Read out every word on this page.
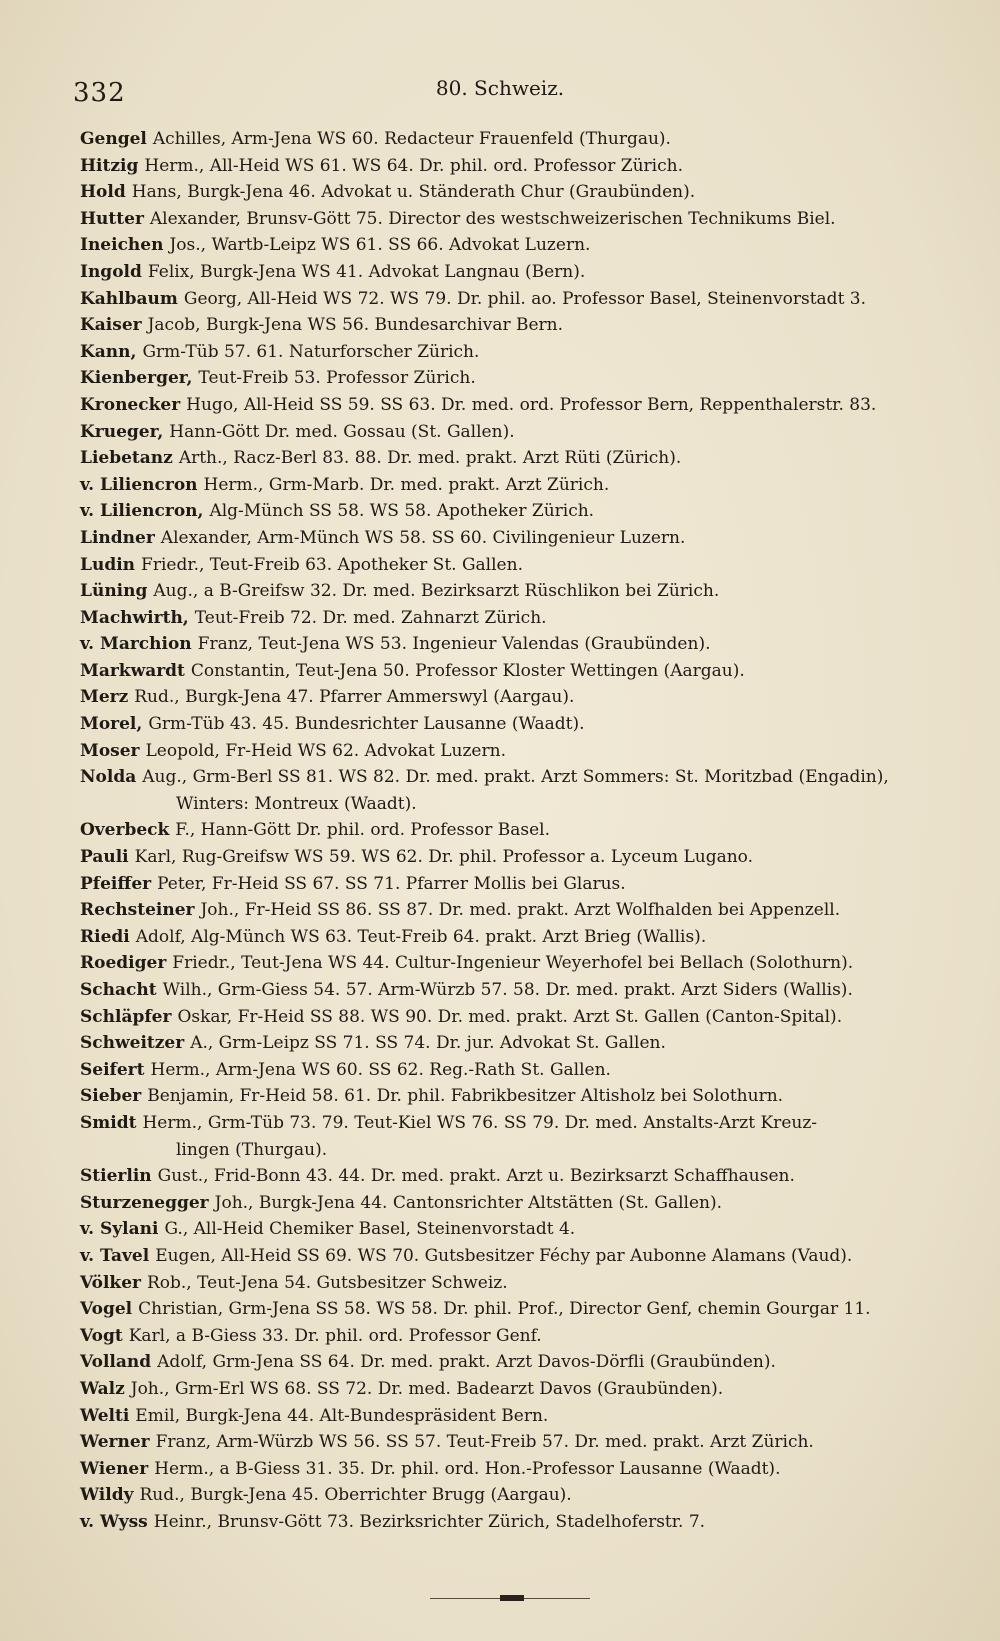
332	80. Schweiz.
Gengel Achilles, Arm-Jena WS 60. Redacteur Frauenfeld (Thurgau).
Hitzig Herm., All-Heid WS 61. WS 64. Dr. phil. ord. Professor Zürich.
Hold Hans, Burgk-Jena 46. Advokat u. Ständerath Chur (Graubünden).
Hutter Alexander, Brunsv-Gött 75. Director des westschweizerischen Technikums Biel.
Ineichen Jos., Wartb-Leipz WS 61. SS 66. Advokat Luzern.
Ingold Felix, Burgk-Jena WS 41. Advokat Langnau (Bern).
Kahlbaum Georg, All-Heid WS 72. WS 79. Dr. phil. ao. Professor Basel, Steinenvorstadt 3.
Kaiser Jacob, Burgk-Jena WS 56. Bundesarchivar Bern.
Kann, Grm-Tüb 57. 61. Naturforscher Zürich.
Kienberger, Teut-Freib 53. Professor Zürich.
Kronecker Hugo, All-Heid SS 59. SS 63. Dr. med. ord. Professor Bern, Reppenthalerstr. 83.
Krueger, Hann-Gött Dr. med. Gossau (St. Gallen).
Liebetanz Arth., Racz-Berl 83. 88. Dr. med. prakt. Arzt Rüti (Zürich).
v. Liliencron Herm., Grm-Marb. Dr. med. prakt. Arzt Zürich.
v. Liliencron, Alg-Münch SS 58. WS 58. Apotheker Zürich.
Lindner Alexander, Arm-Münch WS 58. SS 60. Civilingenieur Luzern.
Ludin Friedr., Teut-Freib 63. Apotheker St. Gallen.
Lüning Aug., a B-Greifsw 32. Dr. med. Bezirksarzt Rüschlikon bei Zürich.
Machwirth, Teut-Freib 72. Dr. med. Zahnarzt Zürich.
v. Marchion Franz, Teut-Jena WS 53. Ingenieur Valendas (Graubünden).
Markwardt Constantin, Teut-Jena 50. Professor Kloster Wettingen (Aargau).
Merz Rud., Burgk-Jena 47. Pfarrer Ammerswyl (Aargau).
Morel, Grm-Tüb 43. 45. Bundesrichter Lausanne (Waadt).
Moser Leopold, Fr-Heid WS 62. Advokat Luzern.
Nolda Aug., Grm-Berl SS 81. WS 82. Dr. med. prakt. Arzt Sommers: St. Moritzbad (Engadin),
Winters: Montreux (Waadt).
Overbeck F., Hann-Gött Dr. phil. ord. Professor Basel.
Pauli Karl, Rug-Greifsw WS 59. WS 62. Dr. phil. Professor a. Lyceum Lugano.
Pfeiffer Peter, Fr-Heid SS 67. SS 71. Pfarrer Mollis bei Glarus.
Rechsteiner Joh., Fr-Heid SS 86. SS 87. Dr. med. prakt. Arzt Wolfhalden bei Appenzell.
Riedi Adolf, Alg-Münch WS 63. Teut-Freib 64. prakt. Arzt Brieg (Wallis).
Roediger Friedr., Teut-Jena WS 44. Cultur-Ingenieur Weyerhofel bei Bellach (Solothurn).
Schacht Wilh., Grm-Giess 54. 57. Arm-Würzb 57. 58. Dr. med. prakt. Arzt Siders (Wallis).
Schläpfer Oskar, Fr-Heid SS 88. WS 90. Dr. med. prakt. Arzt St. Gallen (Canton-Spital).
Schweitzer A., Grm-Leipz SS 71. SS 74. Dr. jur. Advokat St. Gallen.
Seifert Herm., Arm-Jena WS 60. SS 62. Reg.-Rath St. Gallen.
Sieber Benjamin, Fr-Heid 58. 61. Dr. phil. Fabrikbesitzer Altisholz bei Solothurn.
Smidt Herm., Grm-Tüb 73. 79. Teut-Kiel WS 76. SS 79. Dr. med. Anstalts-Arzt Kreuz-
lingen (Thurgau).
Stierlin Gust., Frid-Bonn 43. 44. Dr. med. prakt. Arzt u. Bezirksarzt Schaffhausen.
Sturzenegger Joh., Burgk-Jena 44. Cantonsrichter Altstätten (St. Gallen).
v. Sylani G., All-Heid Chemiker Basel, Steinenvorstadt 4.
v. Tavel Eugen, All-Heid SS 69. WS 70. Gutsbesitzer Féchy par Aubonne Alamans (Vaud).
Völker Rob., Teut-Jena 54. Gutsbesitzer Schweiz.
Vogel Christian, Grm-Jena SS 58. WS 58. Dr. phil. Prof., Director Genf, chemin Gourgar 11.
Vogt Karl, a B-Giess 33. Dr. phil. ord. Professor Genf.
Volland Adolf, Grm-Jena SS 64. Dr. med. prakt. Arzt Davos-Dörfli (Graubünden).
Walz Joh., Grm-Erl WS 68. SS 72. Dr. med. Badearzt Davos (Graubünden).
Welti Emil, Burgk-Jena 44. Alt-Bundespräsident Bern.
Werner Franz, Arm-Würzb WS 56. SS 57. Teut-Freib 57. Dr. med. prakt. Arzt Zürich.
Wiener Herm., a B-Giess 31. 35. Dr. phil. ord. Hon.-Professor Lausanne (Waadt).
Wildy Rud., Burgk-Jena 45. Oberrichter Brugg (Aargau).
v. Wyss Heinr., Brunsv-Gött 73. Bezirksrichter Zürich, Stadelhoferstr. 7.
